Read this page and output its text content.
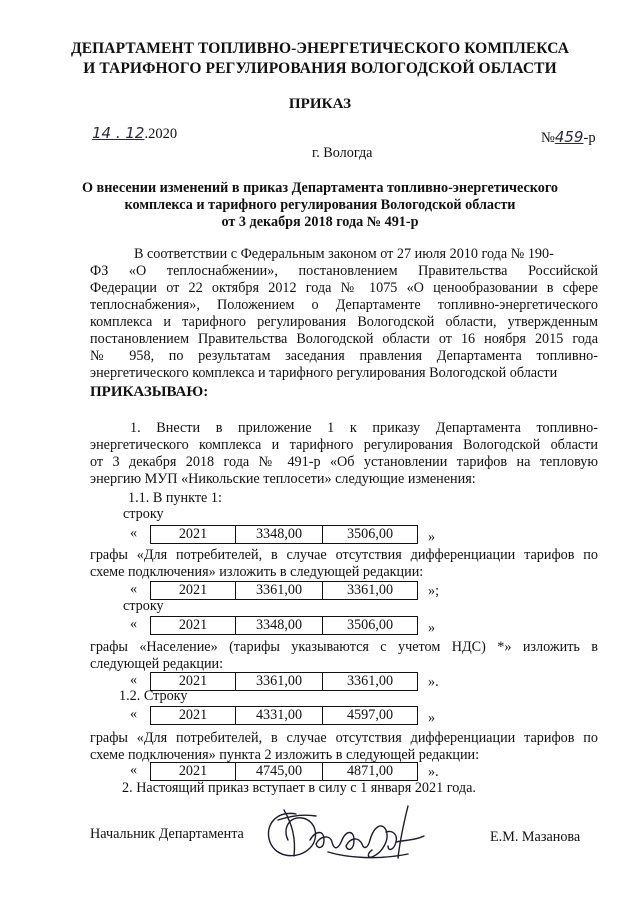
ДЕПАРТАМЕНТ ТОПЛИВНО-ЭНЕРГЕТИЧЕСКОГО КОМПЛЕКСА
И ТАРИФНОГО РЕГУЛИРОВАНИЯ ВОЛОГОДСКОЙ ОБЛАСТИ
ПРИКАЗ
14 . 12.2020	№459-р
г. Вологда
О внесении изменений в приказ Департамента топливно-энергетического
комплекса и тарифного регулирования Вологодской области
от 3 декабря 2018 года № 491-р
В соответствии с Федеральным законом от 27 июля 2010 года № 190-
ФЗ «О теплоснабжении», постановлением Правительства Российской
Федерации от 22 октября 2012 года № 1075 «О ценообразовании в сфере
теплоснабжения», Положением о Департаменте топливно-энергетического
комплекса и тарифного регулирования Вологодской области, утвержденным
постановлением Правительства Вологодской области от 16 ноября 2015 года
№ 958, по результатам заседания правления Департамента топливно-
энергетического комплекса и тарифного регулирования Вологодской области
ПРИКАЗЫВАЮ:
1. Внести в приложение 1 к приказу Департамента топливно-
энергетического комплекса и тарифного регулирования Вологодской области
от 3 декабря 2018 года № 491-р «Об установлении тарифов на тепловую
энергию МУП «Никольские теплосети» следующие изменения:
1.1. В пункте 1:
строку
«	2021	3348,00	3506,00 »
графы «Для потребителей, в случае отсутствия дифференциации тарифов по
схеме подключения» изложить в следующей редакции:
«	2021	3361,00	3361,00 »;
строку
«	2021	3348,00	3506,00 »
графы «Население» (тарифы указываются с учетом НДС) *» изложить в
следующей редакции:
«	2021	3361,00	3361,00 ».
1.2. Строку
«	2021	4331,00	4597,00 »
графы «Для потребителей, в случае отсутствия дифференциации тарифов по
схеме подключения» пункта 2 изложить в следующей редакции:
«	2021	4745,00	4871,00 ».
2. Настоящий приказ вступает в силу с 1 января 2021 года.
Начальник Департамента	Е.М. Мазанова
